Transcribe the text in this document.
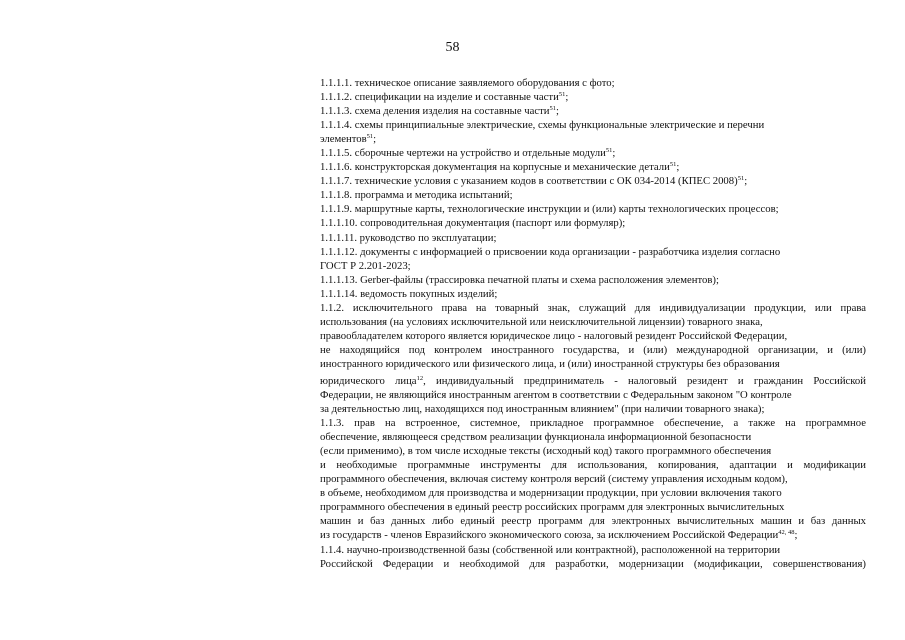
58
1.1.1.1. техническое описание заявляемого оборудования с фото;
1.1.1.2. спецификации на изделие и составные части$^{51}$;
1.1.1.3. схема деления изделия на составные части$^{51}$;
1.1.1.4. схемы принципиальные электрические, схемы функциональные электрические и перечни
элементов$^{51}$;
1.1.1.5. сборочные чертежи на устройство и отдельные модули$^{51}$;
1.1.1.6. конструкторская документация на корпусные и механические детали$^{51}$;
1.1.1.7. технические условия с указанием кодов в соответствии с ОК 034-2014 (КПЕС 2008)$^{51}$;
1.1.1.8. программа и методика испытаний;
1.1.1.9. маршрутные карты, технологические инструкции и (или) карты технологических процессов;
1.1.1.10. сопроводительная документация (паспорт или формуляр);
1.1.1.11. руководство по эксплуатации;
1.1.1.12. документы с информацией о присвоении кода организации - разработчика изделия согласно
ГОСТ Р 2.201-2023;
1.1.1.13. Gerber-файлы (трассировка печатной платы и схема расположения элементов);
1.1.1.14. ведомость покупных изделий;
1.1.2. исключительного права на товарный знак, служащий для индивидуализации продукции, или права
использования (на условиях исключительной или неисключительной лицензии) товарного знака,
правообладателем которого является юридическое лицо - налоговый резидент Российской Федерации,
не находящийся под контролем иностранного государства, и (или) международной организации, и (или)
иностранного юридического или физического лица, и (или) иностранной структуры без образования
юридического лица$^{12}$, индивидуальный предприниматель - налоговый резидент и гражданин Российской
Федерации, не являющийся иностранным агентом в соответствии с Федеральным законом "О контроле
за деятельностью лиц, находящихся под иностранным влиянием" (при наличии товарного знака);
1.1.3. прав на встроенное, системное, прикладное программное обеспечение, а также на программное
обеспечение, являющееся средством реализации функционала информационной безопасности
(если применимо), в том числе исходные тексты (исходный код) такого программного обеспечения
и необходимые программные инструменты для использования, копирования, адаптации и модификации
программного обеспечения, включая систему контроля версий (систему управления исходным кодом),
в объеме, необходимом для производства и модернизации продукции, при условии включения такого
программного обеспечения в единый реестр российских программ для электронных вычислительных
машин и баз данных либо единый реестр программ для электронных вычислительных машин и баз данных
из государств - членов Евразийского экономического союза, за исключением Российской Федерации$^{42, 48}$;
1.1.4. научно-производственной базы (собственной или контрактной), расположенной на территории
Российской Федерации и необходимой для разработки, модернизации (модификации, совершенствования)
